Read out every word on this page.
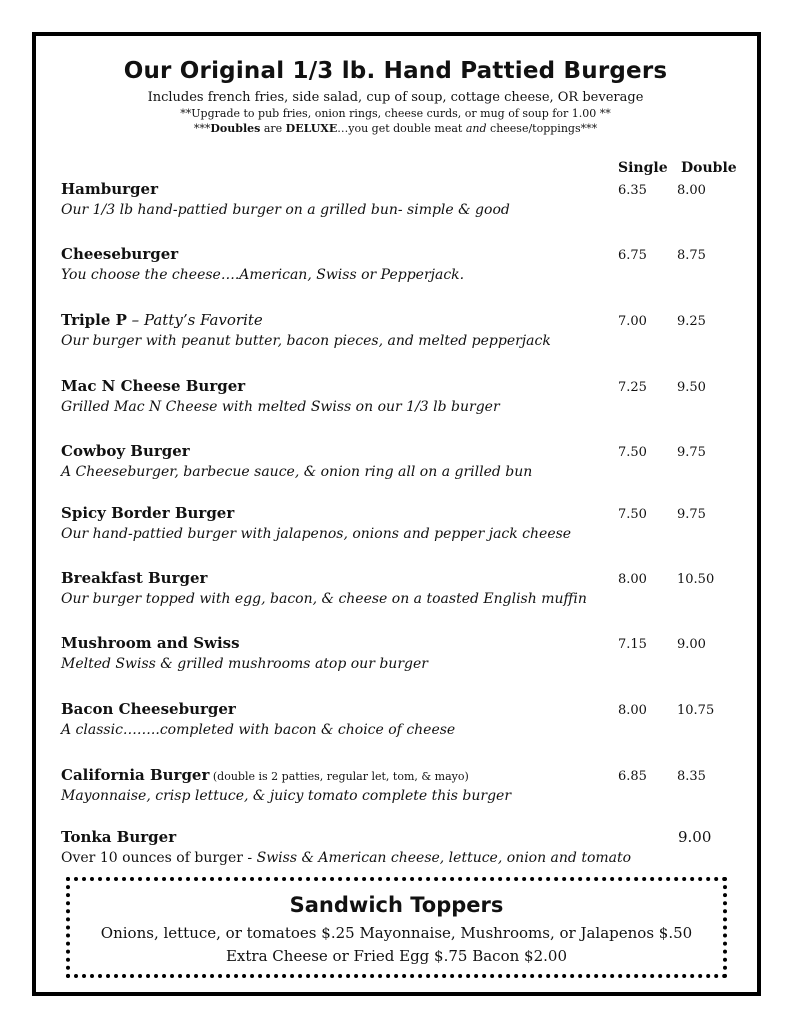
Our Original 1/3 lb. Hand Pattied Burgers
Includes french fries, side salad, cup of soup, cottage cheese, OR beverage
**Upgrade to pub fries, onion rings, cheese curds, or mug of soup for 1.00 **
***Doubles are DELUXE…you get double meat and cheese/toppings***
Single Double
Hamburger
Our 1/3 lb hand-pattied burger on a grilled bun- simple & good
6.35 8.00
Cheeseburger
You choose the cheese….American, Swiss or Pepperjack.
6.75 8.75
Triple P – Patty’s Favorite
Our burger with peanut butter, bacon pieces, and melted pepperjack
7.00 9.25
Mac N Cheese Burger
Grilled Mac N Cheese with melted Swiss on our 1/3 lb burger
7.25 9.50
Cowboy Burger
A Cheeseburger, barbecue sauce, & onion ring all on a grilled bun
7.50 9.75
Spicy Border Burger
Our hand-pattied burger with jalapenos, onions and pepper jack cheese
7.50 9.75
Breakfast Burger
Our burger topped with egg, bacon, & cheese on a toasted English muffin
8.00 10.50
Mushroom and Swiss
Melted Swiss & grilled mushrooms atop our burger
7.15 9.00
Bacon Cheeseburger
A classic……..completed with bacon & choice of cheese
8.00 10.75
California Burger (double is 2 patties, regular let, tom, & mayo)
Mayonnaise, crisp lettuce, & juicy tomato complete this burger
6.85 8.35
Tonka Burger
Over 10 ounces of burger - Swiss & American cheese, lettuce, onion and tomato
9.00
Sandwich Toppers
Onions, lettuce, or tomatoes $.25 Mayonnaise, Mushrooms, or Jalapenos $.50
Extra Cheese or Fried Egg $.75 Bacon $2.00
